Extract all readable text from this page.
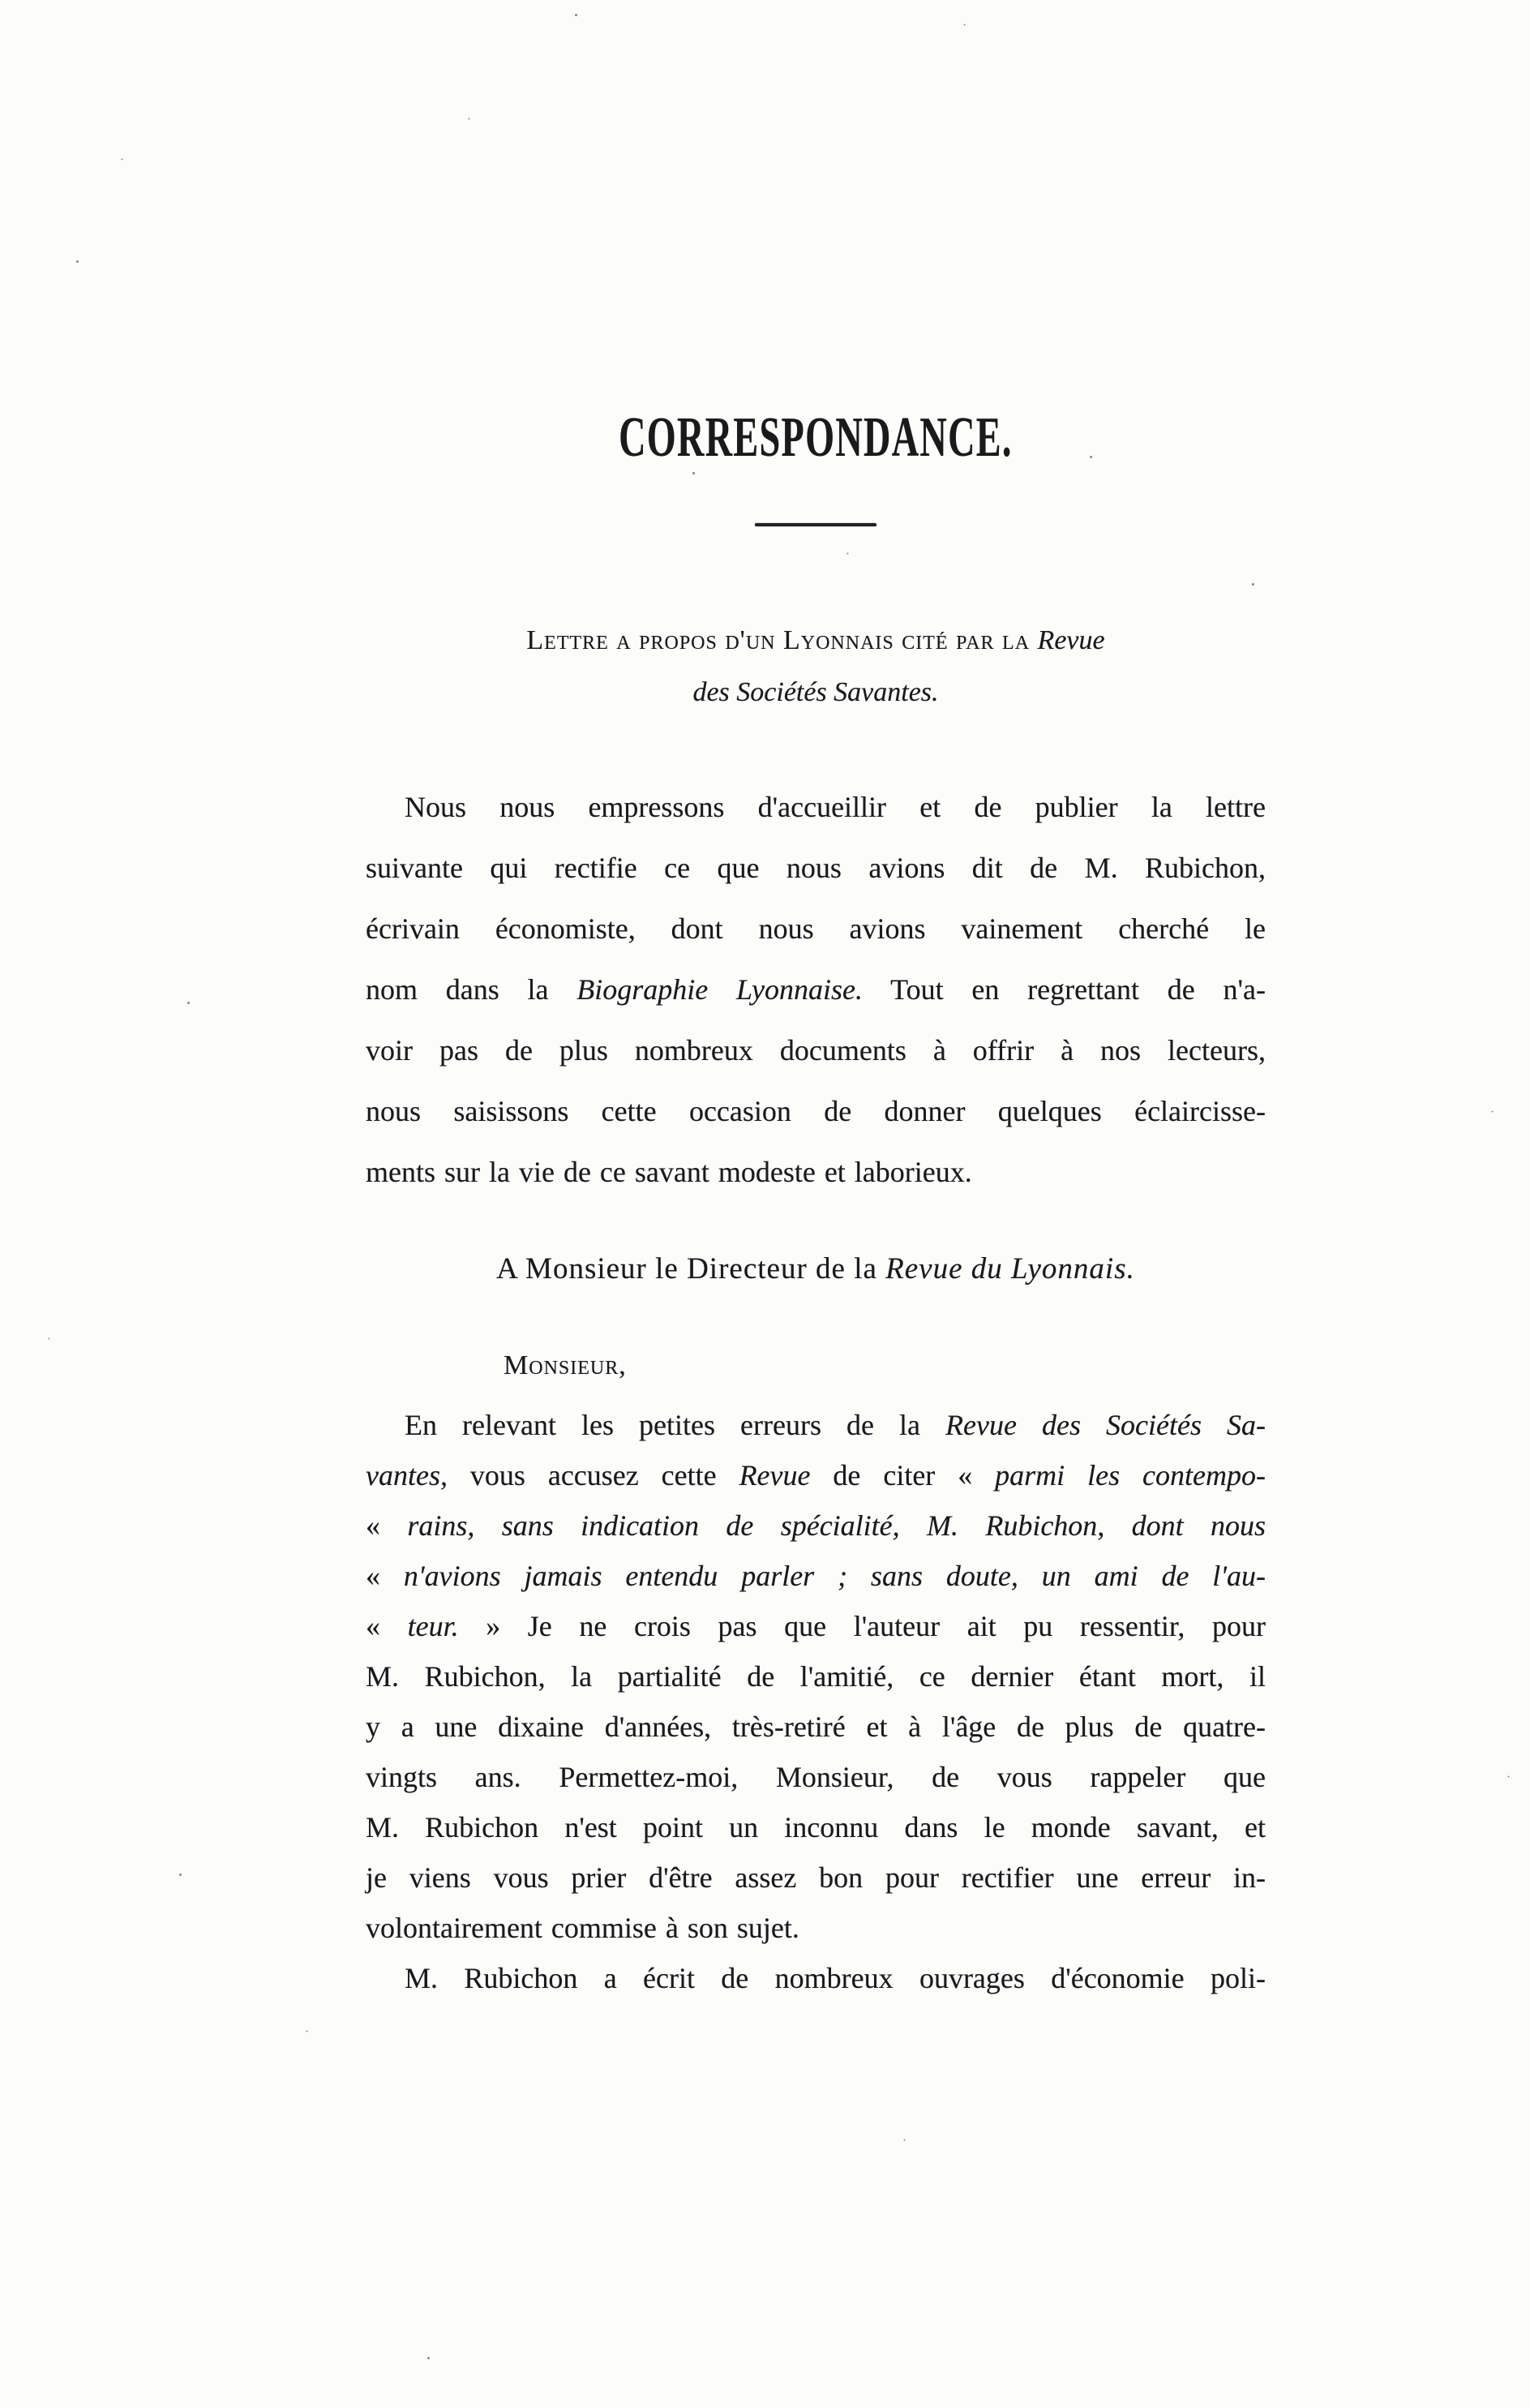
CORRESPONDANCE.
Lettre a propos d'un Lyonnais cité par la Revue
des Sociétés Savantes.
Nous nous empressons d'accueillir et de publier la lettre
suivante qui rectifie ce que nous avions dit de M. Rubichon,
écrivain économiste, dont nous avions vainement cherché le
nom dans la Biographie Lyonnaise. Tout en regrettant de n'a-
voir pas de plus nombreux documents à offrir à nos lecteurs,
nous saisissons cette occasion de donner quelques éclaircisse-
ments sur la vie de ce savant modeste et laborieux.
A Monsieur le Directeur de la Revue du Lyonnais.
Monsieur,
En relevant les petites erreurs de la Revue des Sociétés Sa-
vantes, vous accusez cette Revue de citer « parmi les contempo-
« rains, sans indication de spécialité, M. Rubichon, dont nous
« n'avions jamais entendu parler ; sans doute, un ami de l'au-
« teur. » Je ne crois pas que l'auteur ait pu ressentir, pour
M. Rubichon, la partialité de l'amitié, ce dernier étant mort, il
y a une dixaine d'années, très-retiré et à l'âge de plus de quatre-
vingts ans. Permettez-moi, Monsieur, de vous rappeler que
M. Rubichon n'est point un inconnu dans le monde savant, et
je viens vous prier d'être assez bon pour rectifier une erreur in-
volontairement commise à son sujet.
M. Rubichon a écrit de nombreux ouvrages d'économie poli-
